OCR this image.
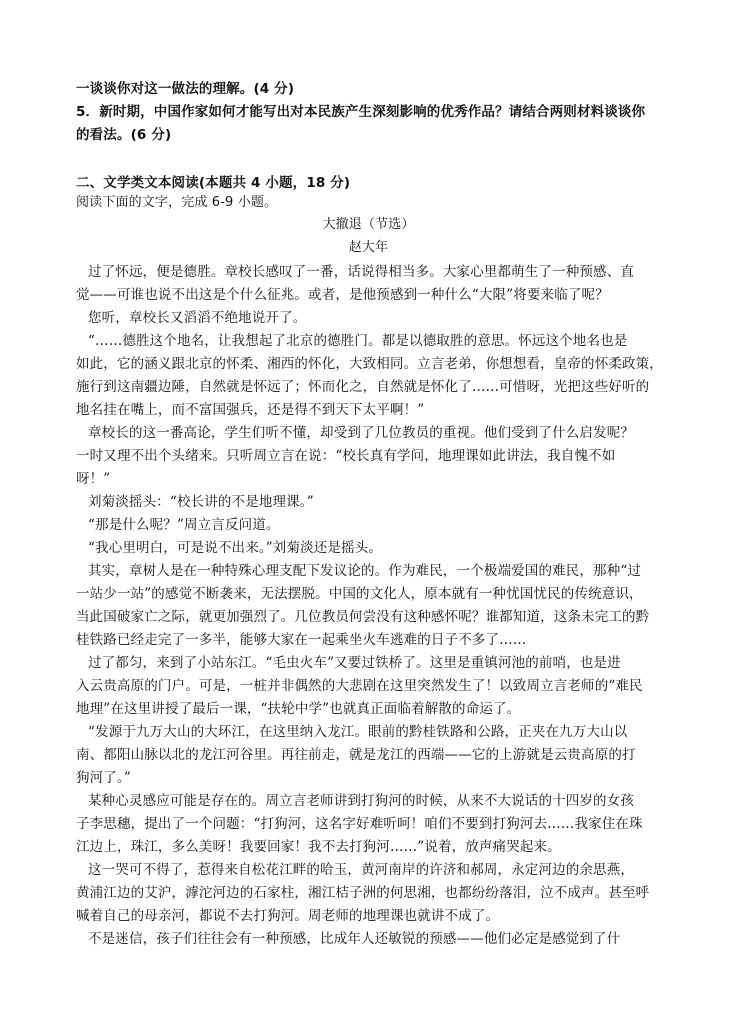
一谈谈你对这一做法的理解。(4 分)
5．新时期，中国作家如何才能写出对本民族产生深刻影响的优秀作品？请结合两则材料谈谈你
的看法。(6 分)
二、文学类文本阅读(本题共 4 小题，18 分)
阅读下面的文字，完成 6-9 小题。
大撤退（节选）
赵大年
过了怀远，便是德胜。章校长感叹了一番，话说得相当多。大家心里都萌生了一种预感、直
觉——可谁也说不出这是个什么征兆。或者，是他预感到一种什么“大限”将要来临了呢？
您听，章校长又滔滔不绝地说开了。
“……德胜这个地名，让我想起了北京的德胜门。都是以德取胜的意思。怀远这个地名也是
如此，它的涵义跟北京的怀柔、湘西的怀化，大致相同。立言老弟，你想想看，皇帝的怀柔政策，
施行到这南疆边陲，自然就是怀远了；怀而化之，自然就是怀化了……可惜呀，光把这些好听的
地名挂在嘴上，而不富国强兵，还是得不到天下太平啊！”
章校长的这一番高论，学生们听不懂，却受到了几位教员的重视。他们受到了什么启发呢？
一时又理不出个头绪来。只听周立言在说：“校长真有学问，地理课如此讲法，我自愧不如
呀！”
刘菊淡摇头：“校长讲的不是地理课。”
“那是什么呢？”周立言反问道。
“我心里明白，可是说不出来。”刘菊淡还是摇头。
其实，章树人是在一种特殊心理支配下发议论的。作为难民，一个极端爱国的难民，那种“过
一站少一站”的感觉不断袭来，无法摆脱。中国的文化人，原本就有一种忧国忧民的传统意识，
当此国破家亡之际，就更加强烈了。几位教员何尝没有这种感怀呢？谁都知道，这条未完工的黔
桂铁路已经走完了一多半，能够大家在一起乘坐火车逃难的日子不多了……
过了都匀，来到了小站东江。“毛虫火车”又要过铁桥了。这里是重镇河池的前哨，也是进
入云贵高原的门户。可是，一桩并非偶然的大悲剧在这里突然发生了！以致周立言老师的“难民
地理”在这里讲授了最后一课，“扶轮中学”也就真正面临着解散的命运了。
“发源于九万大山的大环江，在这里纳入龙江。眼前的黔桂铁路和公路，正夹在九万大山以
南、都阳山脉以北的龙江河谷里。再往前走，就是龙江的西端——它的上游就是云贵高原的打
狗河了。”
某种心灵感应可能是存在的。周立言老师讲到打狗河的时候，从来不大说话的十四岁的女孩
子李思穗，提出了一个问题：“打狗河，这名字好难听呵！咱们不要到打狗河去……我家住在珠
江边上，珠江，多么美呀！我要回家！我不去打狗河……”说着，放声痛哭起来。
这一哭可不得了，惹得来自松花江畔的哈玉，黄河南岸的许济和郝周，永定河边的余思燕，
黄浦江边的艾沪，滹沱河边的石家柱，湘江桔子洲的何思湘，也都纷纷落泪，泣不成声。甚至呼
喊着自己的母亲河，都说不去打狗河。周老师的地理课也就讲不成了。
不是迷信，孩子们往往会有一种预感，比成年人还敏锐的预感——他们必定是感觉到了什
